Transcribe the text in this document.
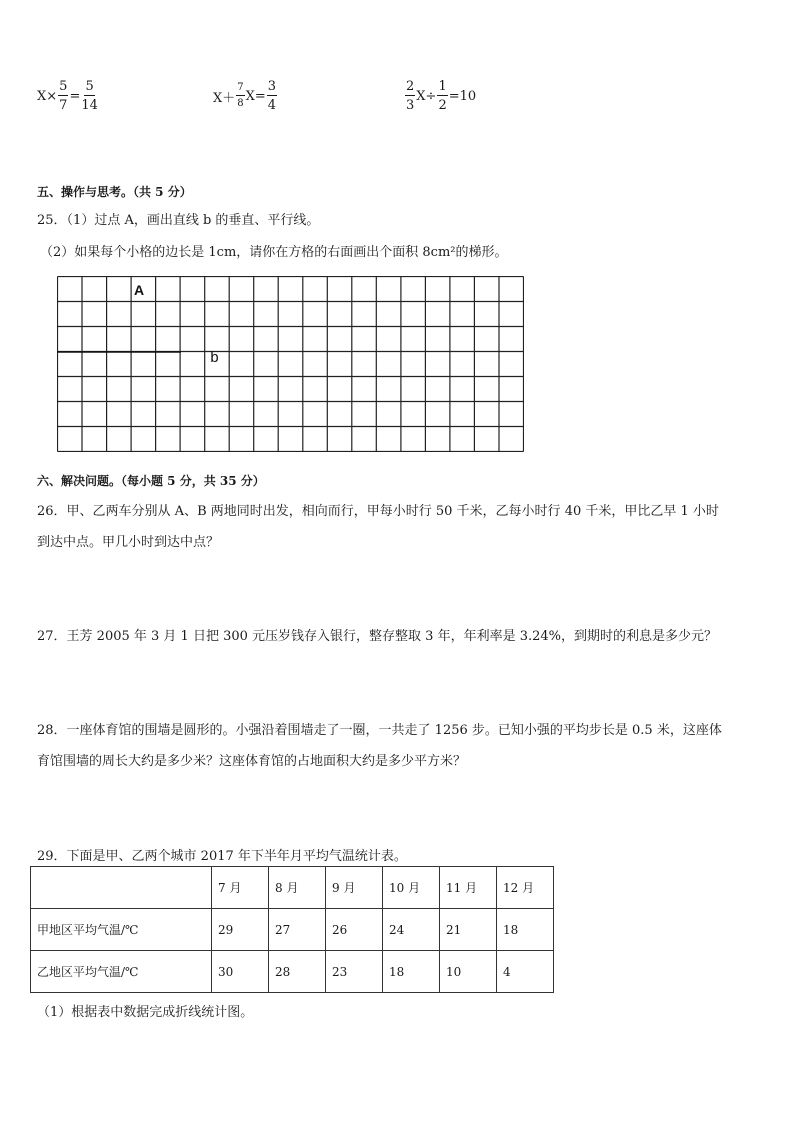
$X\times \frac{5}{7} = \frac{5}{14}$	$X+ \frac{7}{8} X= \frac{3}{4}$	$\frac{2}{3} X\div \frac{1}{2} =10$
五、操作与思考。（共 5 分）
25．（1）过点 A，画出直线 b 的垂直、平行线。
（2）如果每个小格的边长是 1cm，请你在方格的右面画出个面积 8cm²的梯形。
b
A
六、解决问题。（每小题 5 分，共 35 分）
26．甲、乙两车分别从 A、B 两地同时出发，相向而行，甲每小时行 50 千米，乙每小时行 40 千米，甲比乙早 1 小时
到达中点。甲几小时到达中点？
27．王芳 2005 年 3 月 1 日把 300 元压岁钱存入银行，整存整取 3 年，年利率是 3.24%，到期时的利息是多少元？
28．一座体育馆的围墙是圆形的。小强沿着围墙走了一圈，一共走了 1256 步。已知小强的平均步长是 0.5 米，这座体
育馆围墙的周长大约是多少米？这座体育馆的占地面积大约是多少平方米？
29．下面是甲、乙两个城市 2017 年下半年月平均气温统计表。
	7 月	8 月	9 月	10 月	11 月	12 月
甲地区平均气温/℃	29	27	26	24	21	18
乙地区平均气温/℃	30	28	23	18	10	4
（1）根据表中数据完成折线统计图。
